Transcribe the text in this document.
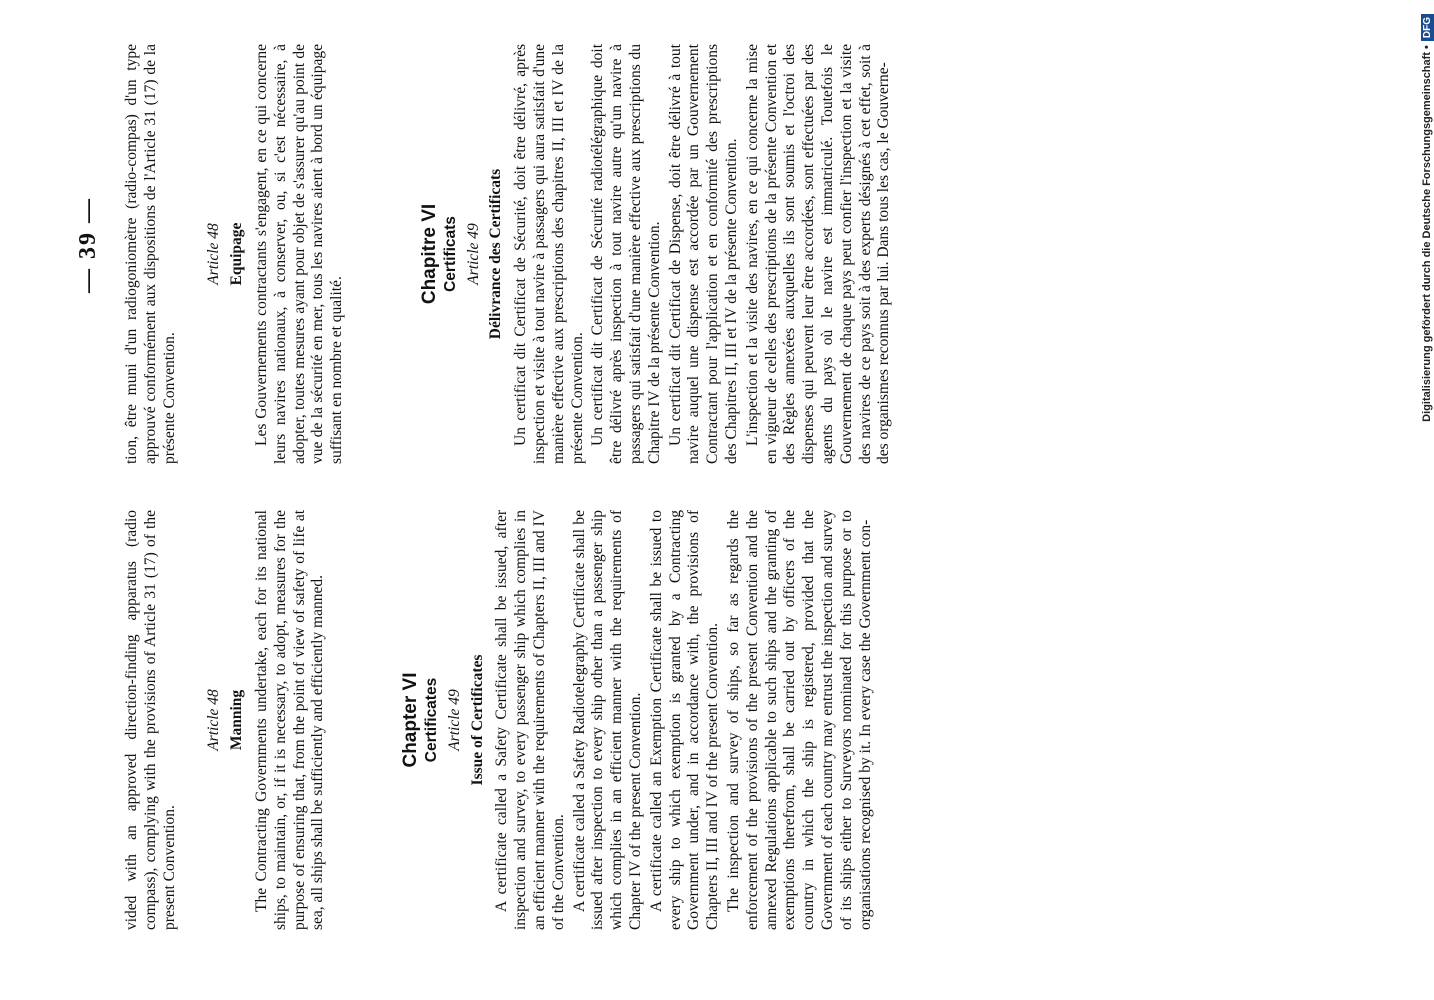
— 39 —

vided with an approved direction-finding apparatus (radio compass), complying with the provisions of Article 31 (17) of the present Convention.

Article 48 Manning The Contracting Governments undertake, each for its national ships, to maintain, or, if it is necessary, to adopt, measures for the purpose of ensuring that, from the point of view of safety of life at sea, all ships shall be sufficiently and efficiently manned.	Chapter VI Certificates Article 49 Issue of Certificates A certificate called a Safety Certificate shall be issued, after inspection and survey, to every passenger ship which complies in an efficient manner with the requirements of Chapters II, III and IV of the Convention. A certificate called a Safety Radiotelegraphy Certificate shall be issued after inspection to every ship other than a passenger ship which complies in an efficient manner with the requirements of Chapter IV of the present Convention. A certificate called an Exemption Certificate shall be issued to every ship to which exemption is granted by a Contracting Government under, and in accordance with, the provisions of Chapters II, III and IV of the present Convention. The inspection and survey of ships, so far as regards the enforcement of the provisions of the present Convention and the annexed Regulations applicable to such ships and the granting of exemptions therefrom, shall be carried out by officers of the country in which the ship is registered, provided that the Government of each country may entrust the inspection and survey of its ships either to Surveyors nominated for this purpose or to organisations recognised by it. In every case the Government con-

tion, être muni d'un radiogoniomètre (radio-compas) d'un type approuvé conformément aux dispositions de l'Article 31 (17) de la présente Convention.

Article 48 Equipage Les Gouvernements contractants s'engagent, en ce qui concerne leurs navires nationaux, à conserver, ou, si c'est nécessaire, à adopter, toutes mesures ayant pour objet de s'assurer qu'au point de vue de la sécurité en mer, tous les navires aient à bord un équipage suffisant en nombre et qualité.

Chapitre VI Certificats Article 49 Délivrance des Certificats Un certificat dit Certificat de Sécurité, doit être délivré, après inspection et visite à tout navire à passagers qui aura satisfait d'une manière effective aux prescriptions des chapitres II, III et IV de la présente Convention. Un certificat dit Certificat de Sécurité radiotélégraphique doit être délivré après inspection à tout navire autre qu'un navire à passagers qui satisfait d'une manière effective aux prescriptions du Chapitre IV de la présente Convention. Un certificat dit Certificat de Dispense, doit être délivré à tout navire auquel une dispense est accordée par un Gouvernement Contractant pour l'application et en conformité des prescriptions des Chapitres II, III et IV de la présente Convention. L'inspection et la visite des navires, en ce qui concerne la mise en vigueur de celles des prescriptions de la présente Convention et des Règles annexées auxquelles ils sont soumis et l'octroi des dispenses qui peuvent leur être accordées, sont effectuées par des agents du pays où le navire est immatriculé. Toutefois le Gouvernement de chaque pays peut confier l'inspection et la visite des navires de ce pays soit à des experts désignés à cet effet, soit à des organismes reconnus par lui. Dans tous les cas, le Gouverne-	Digitalisierung gefördert durch die Deutsche Forschungsgemeinschaft •DFG
